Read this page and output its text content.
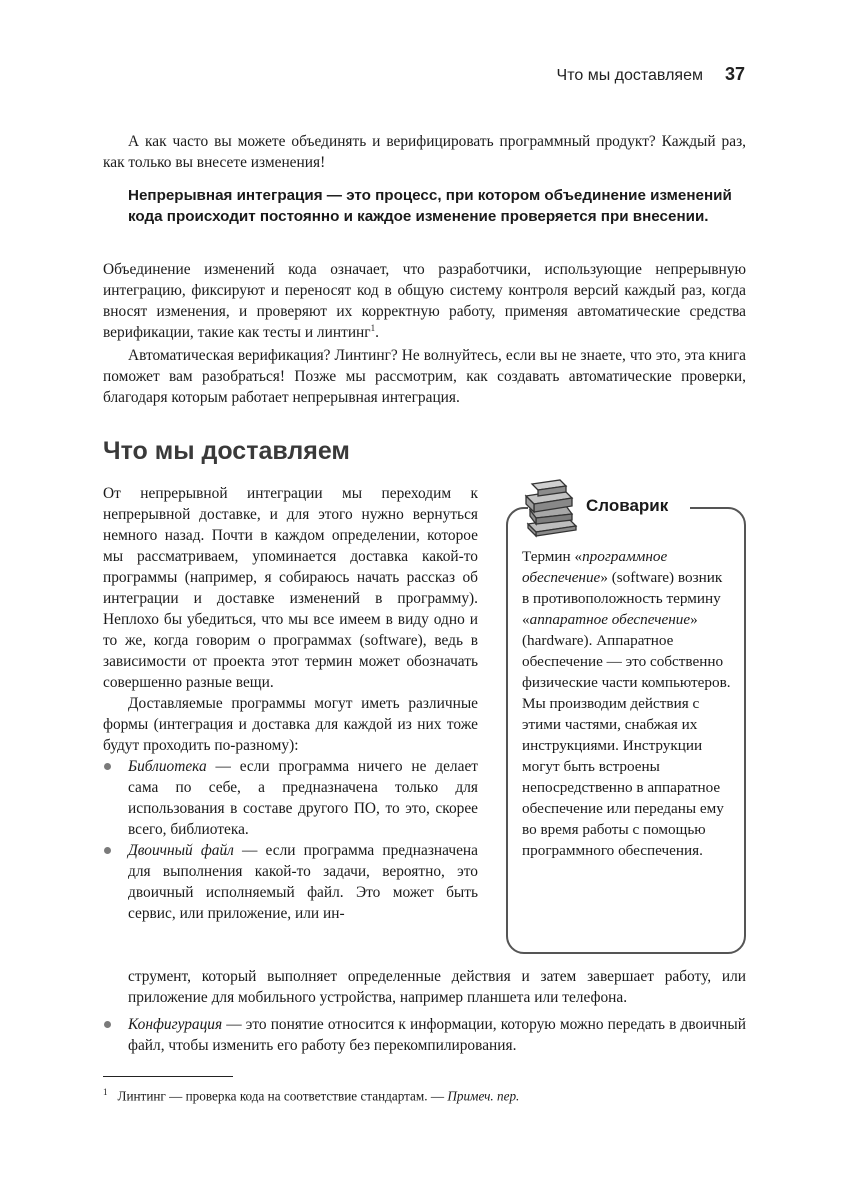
Что мы доставляем 37

А как часто вы можете объединять и верифицировать программный продукт? Каждый раз, как только вы внесете изменения!

Непрерывная интеграция — это процесс, при котором объединение изменений кода происходит постоянно и каждое изменение проверяется при внесении.

Объединение изменений кода означает, что разработчики, использующие непрерывную интеграцию, фиксируют и переносят код в общую систему контроля версий каждый раз, когда вносят изменения, и проверяют их корректную работу, применяя автоматические средства верификации, такие как тесты и линтинг$^1$.

Автоматическая верификация? Линтинг? Не волнуйтесь, если вы не знаете, что это, эта книга поможет вам разобраться! Позже мы рассмотрим, как создавать автоматические проверки, благодаря которым работает непрерывная интеграция.

Что мы доставляем

От непрерывной интеграции мы переходим к непрерывной доставке, и для этого нужно вернуться немного назад. Почти в каждом определении, которое мы рассматриваем, упоминается доставка какой-то программы (например, я собираюсь начать рассказ об интеграции и доставке изменений в программу). Неплохо бы убедиться, что мы все имеем в виду одно и то же, когда говорим о программах (software), ведь в зависимости от проекта этот термин может обозначать совершенно разные вещи.

Доставляемые программы могут иметь различные формы (интеграция и доставка для каждой из них тоже будут проходить по-разному):

Библиотека — если программа ничего не делает сама по себе, а предназначена только для использования в составе другого ПО, то это, скорее всего, библиотека.
Двоичный файл — если программа предназначена для выполнения какой-то задачи, вероятно, это двоичный исполняемый файл. Это может быть сервис, или приложение, или ин-

струмент, который выполняет определенные действия и затем завершает работу, или приложение для мобильного устройства, например планшета или телефона.

Конфигурация — это понятие относится к информации, которую можно передать в двоичный файл, чтобы изменить его работу без перекомпилирования.
Словарик

Термин «программное обеспечение» (software) возник в противоположность термину «аппаратное обеспечение» (hardware). Аппаратное обеспечение — это собственно физические части компьютеров. Мы производим действия с этими частями, снабжая их инструкциями. Инструкции могут быть встроены непосредственно в аппаратное обеспечение или переданы ему во время работы с помощью программного обеспечения.

$^1$ Линтинг — проверка кода на соответствие стандартам. — Примеч. пер.
